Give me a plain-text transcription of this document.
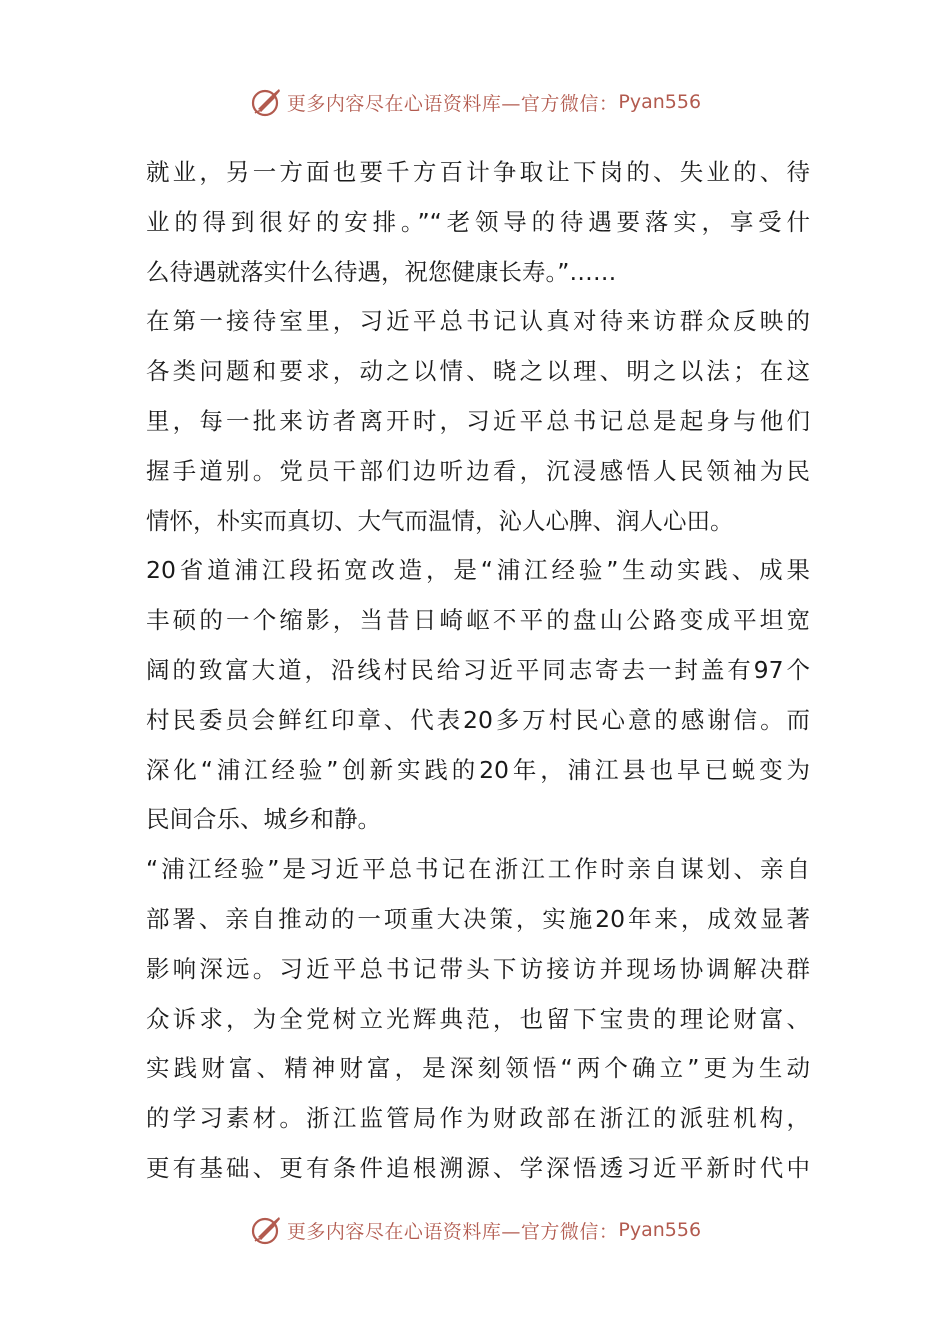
更多内容尽在心语资料库—官方微信： Pyan556
就业，另一方面也要千方百计争取让下岗的、失业的、待
业的得到很好的安排。”“老领导的待遇要落实，享受什
么待遇就落实什么待遇，祝您健康长寿。”……
在第一接待室里，习近平总书记认真对待来访群众反映的
各类问题和要求，动之以情、晓之以理、明之以法；在这
里，每一批来访者离开时，习近平总书记总是起身与他们
握手道别。党员干部们边听边看，沉浸感悟人民领袖为民
情怀，朴实而真切、大气而温情，沁人心脾、润人心田。
20省道浦江段拓宽改造，是“浦江经验”生动实践、成果
丰硕的一个缩影，当昔日崎岖不平的盘山公路变成平坦宽
阔的致富大道，沿线村民给习近平同志寄去一封盖有97个
村民委员会鲜红印章、代表20多万村民心意的感谢信。而
深化“浦江经验”创新实践的20年，浦江县也早已蜕变为
民间合乐、城乡和静。
“浦江经验”是习近平总书记在浙江工作时亲自谋划、亲自
部署、亲自推动的一项重大决策，实施20年来，成效显著
影响深远。习近平总书记带头下访接访并现场协调解决群
众诉求，为全党树立光辉典范，也留下宝贵的理论财富、
实践财富、精神财富，是深刻领悟“两个确立”更为生动
的学习素材。浙江监管局作为财政部在浙江的派驻机构，
更有基础、更有条件追根溯源、学深悟透习近平新时代中
更多内容尽在心语资料库—官方微信： Pyan556
